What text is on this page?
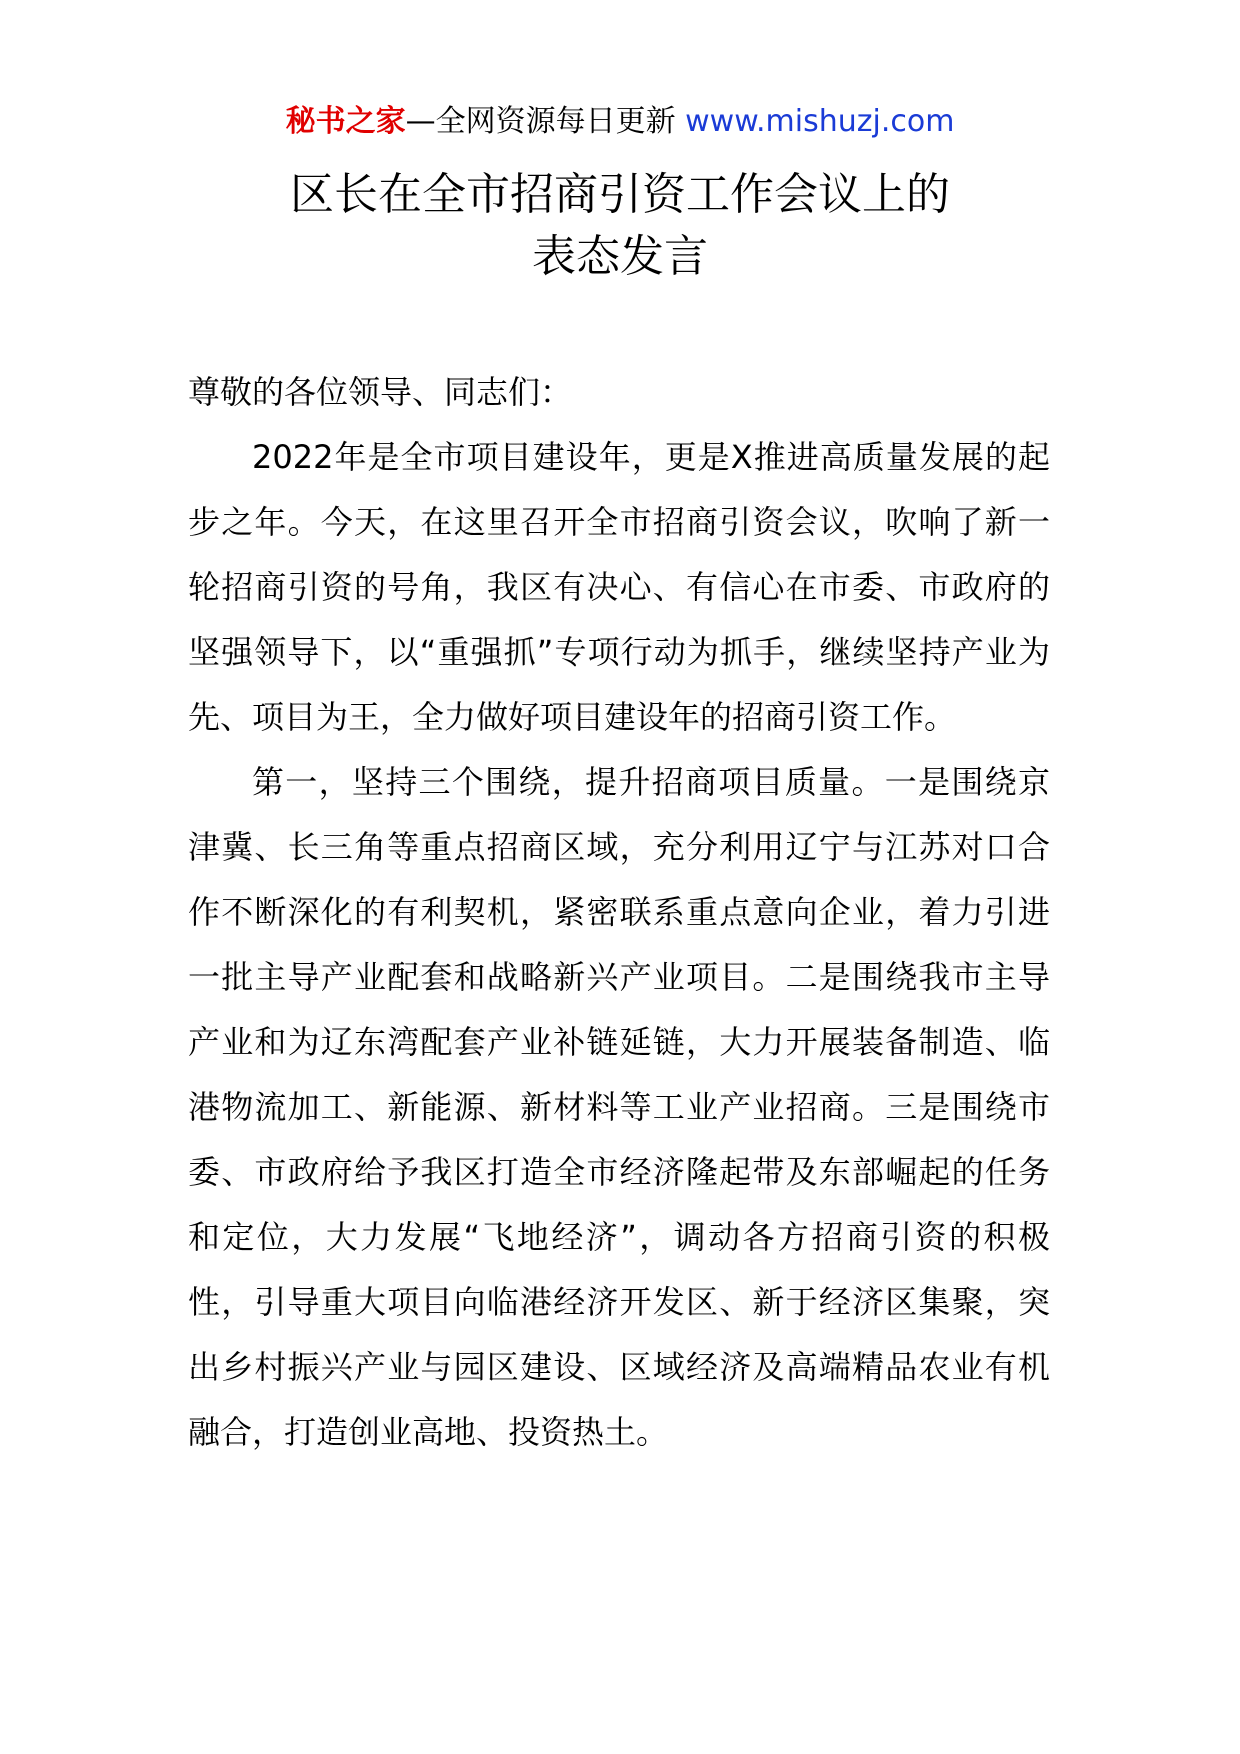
秘书之家—全网资源每日更新 www.mishuzj.com
区长在全市招商引资工作会议上的
表态发言

尊敬的各位领导、同志们：

2022年是全市项目建设年，更是X推进高质量发展的起步之年。今天，在这里召开全市招商引资会议，吹响了新一轮招商引资的号角，我区有决心、有信心在市委、市政府的坚强领导下，以“重强抓”专项行动为抓手，继续坚持产业为先、项目为王，全力做好项目建设年的招商引资工作。

第一，坚持三个围绕，提升招商项目质量。一是围绕京津冀、长三角等重点招商区域，充分利用辽宁与江苏对口合作不断深化的有利契机，紧密联系重点意向企业，着力引进一批主导产业配套和战略新兴产业项目。二是围绕我市主导产业和为辽东湾配套产业补链延链，大力开展装备制造、临港物流加工、新能源、新材料等工业产业招商。三是围绕市委、市政府给予我区打造全市经济隆起带及东部崛起的任务和定位，大力发展“飞地经济”，调动各方招商引资的积极性，引导重大项目向临港经济开发区、新于经济区集聚，突出乡村振兴产业与园区建设、区域经济及高端精品农业有机融合，打造创业高地、投资热土。
